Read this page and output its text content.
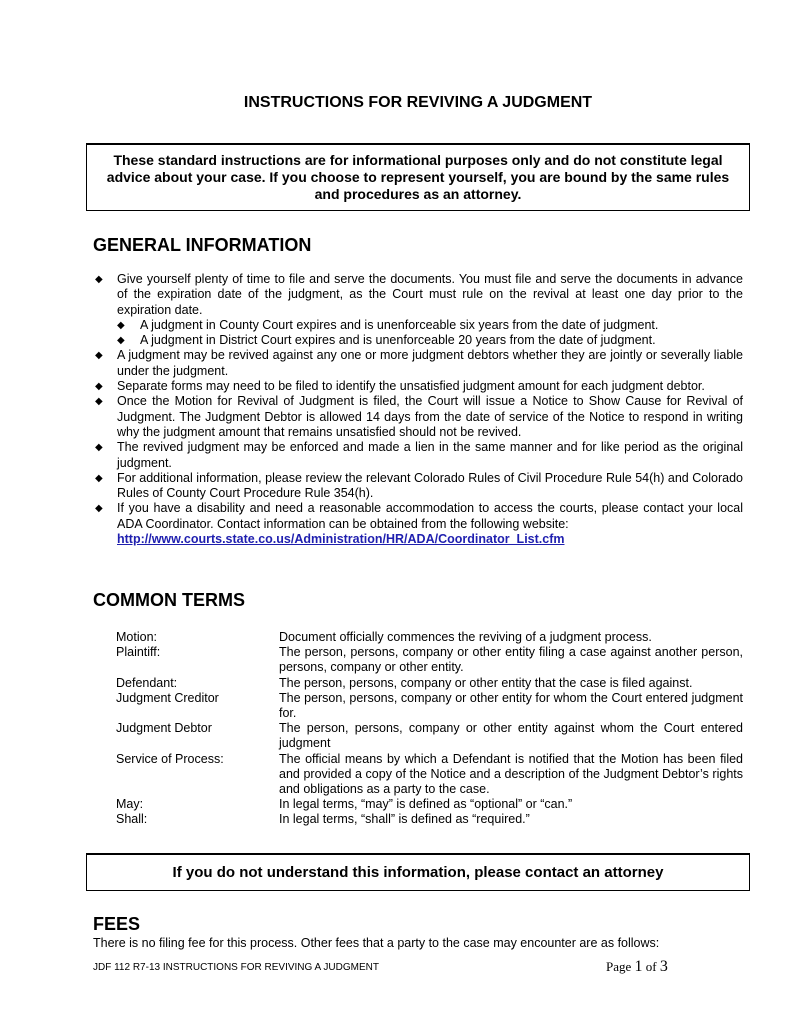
INSTRUCTIONS FOR REVIVING A JUDGMENT
These standard instructions are for informational purposes only and do not constitute legal advice about your case. If you choose to represent yourself, you are bound by the same rules and procedures as an attorney.
GENERAL INFORMATION
◆ Give yourself plenty of time to file and serve the documents. You must file and serve the documents in advance of the expiration date of the judgment, as the Court must rule on the revival at least one day prior to the expiration date.
◆ A judgment in County Court expires and is unenforceable six years from the date of judgment.
◆ A judgment in District Court expires and is unenforceable 20 years from the date of judgment.
◆ A judgment may be revived against any one or more judgment debtors whether they are jointly or severally liable under the judgment.
◆ Separate forms may need to be filed to identify the unsatisfied judgment amount for each judgment debtor.
◆ Once the Motion for Revival of Judgment is filed, the Court will issue a Notice to Show Cause for Revival of Judgment. The Judgment Debtor is allowed 14 days from the date of service of the Notice to respond in writing why the judgment amount that remains unsatisfied should not be revived.
◆ The revived judgment may be enforced and made a lien in the same manner and for like period as the original judgment.
◆ For additional information, please review the relevant Colorado Rules of Civil Procedure Rule 54(h) and Colorado Rules of County Court Procedure Rule 354(h).
◆ If you have a disability and need a reasonable accommodation to access the courts, please contact your local ADA Coordinator. Contact information can be obtained from the following website:
http://www.courts.state.co.us/Administration/HR/ADA/Coordinator_List.cfm
COMMON TERMS
Motion:	Document officially commences the reviving of a judgment process.
Plaintiff:	The person, persons, company or other entity filing a case against another person, persons, company or other entity.
Defendant:	The person, persons, company or other entity that the case is filed against.
Judgment Creditor	The person, persons, company or other entity for whom the Court entered judgment for.
Judgment Debtor	The person, persons, company or other entity against whom the Court entered judgment
Service of Process:	The official means by which a Defendant is notified that the Motion has been filed and provided a copy of the Notice and a description of the Judgment Debtor’s rights and obligations as a party to the case.
May:	In legal terms, “may” is defined as “optional” or “can.”
Shall:	In legal terms, “shall” is defined as “required.”
If you do not understand this information, please contact an attorney
FEES
There is no filing fee for this process. Other fees that a party to the case may encounter are as follows:
JDF 112 R7-13 INSTRUCTIONS FOR REVIVING A JUDGMENT	Page 1 of 3
